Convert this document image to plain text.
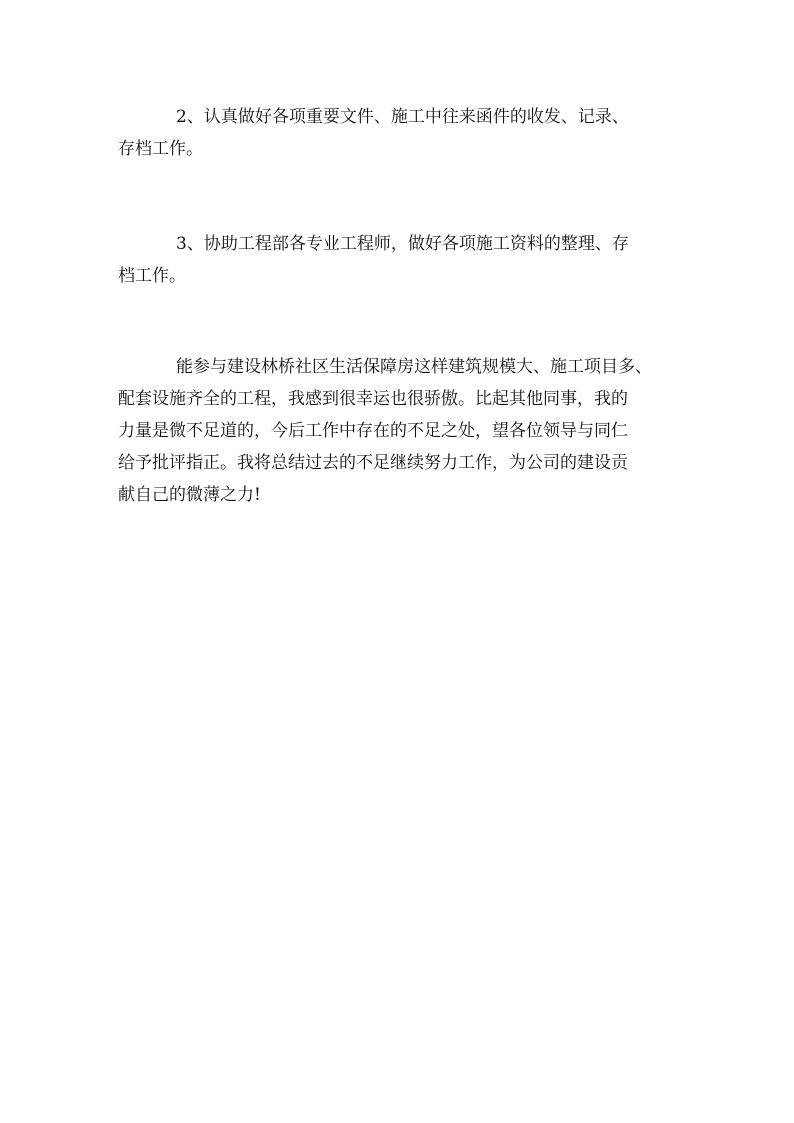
2、认真做好各项重要文件、施工中往来函件的收发、记录、
存档工作。
3、协助工程部各专业工程师，做好各项施工资料的整理、存
档工作。
能参与建设林桥社区生活保障房这样建筑规模大、施工项目多、
配套设施齐全的工程，我感到很幸运也很骄傲。比起其他同事，我的
力量是微不足道的，今后工作中存在的不足之处，望各位领导与同仁
给予批评指正。我将总结过去的不足继续努力工作，为公司的建设贡
献自己的微薄之力!
